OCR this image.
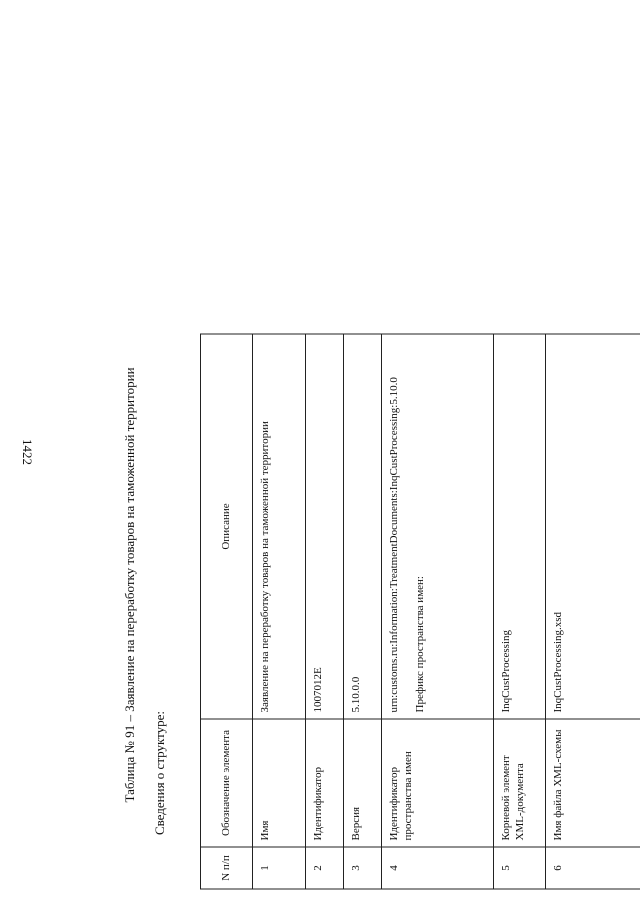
1422	Таблица № 91 – Заявление на переработку товаров на таможенной территории Сведения о структуре:
N п/п	Обозначение элемента	Описание
1	Имя	Заявление на переработку товаров на таможенной территории
2	Идентификатор	1007012E
3	Версия	5.10.0.0
4	Идентификатор пространства имен	urn:customs.ru:Information:TreatmentDocuments:InqCustProcessing:5.10.0 Префикс пространства имен:
5	Корневой элемент XML-документа	InqCustProcessing
6	Имя файла XML-схемы	InqCustProcessing.xsd
